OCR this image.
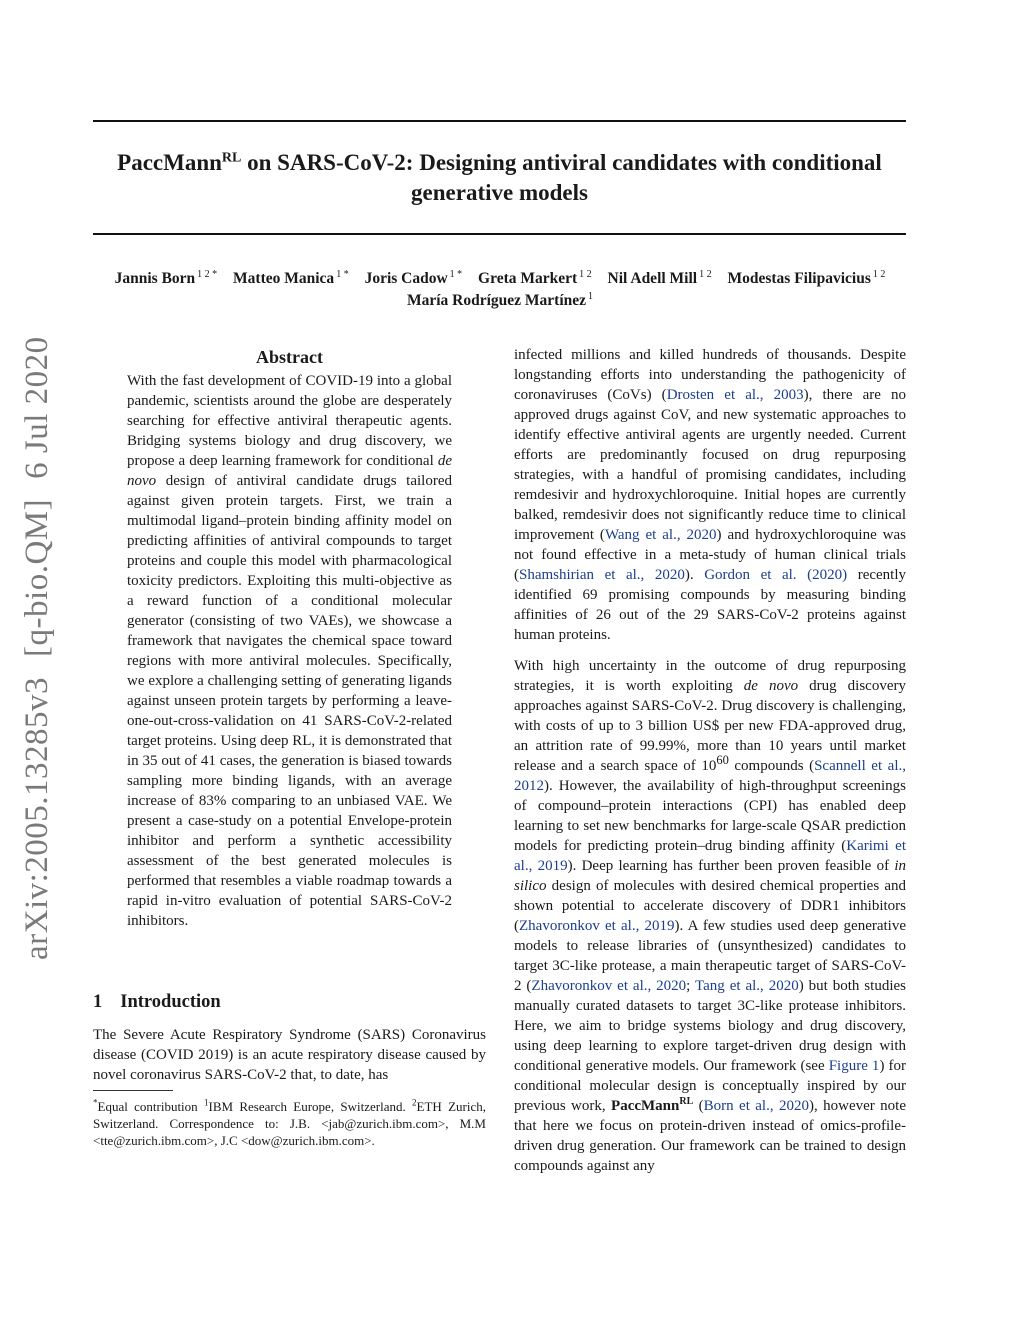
PaccMann$^{RL}$ on SARS-CoV-2: Designing antiviral candidates with conditional generative models
Jannis Born $^{1 2 *}$ Matteo Manica $^{1 *}$ Joris Cadow $^{1 *}$ Greta Markert $^{1 2}$ Nil Adell Mill $^{1 2}$ Modestas Filipavicius $^{1 2}$
María Rodríguez Martínez $^1$
arXiv:2005.13285v3[q-bio.QM]6 Jul 2020	Abstract

With the fast development of COVID-19 into a global pandemic, scientists around the globe are desperately searching for effective antiviral therapeutic agents. Bridging systems biology and drug discovery, we propose a deep learning framework for conditional de novo design of antiviral candidate drugs tailored against given protein targets. First, we train a multimodal ligand–protein binding affinity model on predicting affinities of antiviral compounds to target proteins and couple this model with pharmacological toxicity predictors. Exploiting this multi-objective as a reward function of a conditional molecular generator (consisting of two VAEs), we showcase a framework that navigates the chemical space toward regions with more antiviral molecules. Specifically, we explore a challenging setting of generating ligands against unseen protein targets by performing a leave-one-out-cross-validation on 41 SARS-CoV-2-related target proteins. Using deep RL, it is demonstrated that in 35 out of 41 cases, the generation is biased towards sampling more binding ligands, with an average increase of 83% comparing to an unbiased VAE. We present a case-study on a potential Envelope-protein inhibitor and perform a synthetic accessibility assessment of the best generated molecules is performed that resembles a viable roadmap towards a rapid in-vitro evaluation of potential SARS-CoV-2 inhibitors.

1 Introduction

The Severe Acute Respiratory Syndrome (SARS) Coronavirus disease (COVID 2019) is an acute respiratory disease caused by novel coronavirus SARS-CoV-2 that, to date, has

*Equal contribution $^1$IBM Research Europe, Switzerland. $^2$ETH Zurich, Switzerland. Correspondence to: J.B. <jab@zurich.ibm.com>, M.M <tte@zurich.ibm.com>, J.C <dow@zurich.ibm.com>.

infected millions and killed hundreds of thousands. Despite longstanding efforts into understanding the pathogenicity of coronaviruses (CoVs) (Drosten et al., 2003), there are no approved drugs against CoV, and new systematic approaches to identify effective antiviral agents are urgently needed. Current efforts are predominantly focused on drug repurposing strategies, with a handful of promising candidates, including remdesivir and hydroxychloroquine. Initial hopes are currently balked, remdesivir does not significantly reduce time to clinical improvement (Wang et al., 2020) and hydroxychloroquine was not found effective in a meta-study of human clinical trials (Shamshirian et al., 2020). Gordon et al. (2020) recently identified 69 promising compounds by measuring binding affinities of 26 out of the 29 SARS-CoV-2 proteins against human proteins.

With high uncertainty in the outcome of drug repurposing strategies, it is worth exploiting de novo drug discovery approaches against SARS-CoV-2. Drug discovery is challenging, with costs of up to 3 billion US$ per new FDA-approved drug, an attrition rate of 99.99%, more than 10 years until market release and a search space of $10^{60}$ compounds (Scannell et al., 2012). However, the availability of high-throughput screenings of compound–protein interactions (CPI) has enabled deep learning to set new benchmarks for large-scale QSAR prediction models for predicting protein–drug binding affinity (Karimi et al., 2019). Deep learning has further been proven feasible of in silico design of molecules with desired chemical properties and shown potential to accelerate discovery of DDR1 inhibitors (Zhavoronkov et al., 2019). A few studies used deep generative models to release libraries of (unsynthesized) candidates to target 3C-like protease, a main therapeutic target of SARS-CoV-2 (Zhavoronkov et al., 2020; Tang et al., 2020) but both studies manually curated datasets to target 3C-like protease inhibitors. Here, we aim to bridge systems biology and drug discovery, using deep learning to explore target-driven drug design with conditional generative models. Our framework (see Figure 1) for conditional molecular design is conceptually inspired by our previous work, PaccMann$^{RL}$ (Born et al., 2020), however note that here we focus on protein-driven instead of omics-profile-driven drug generation. Our framework can be trained to design compounds against any
